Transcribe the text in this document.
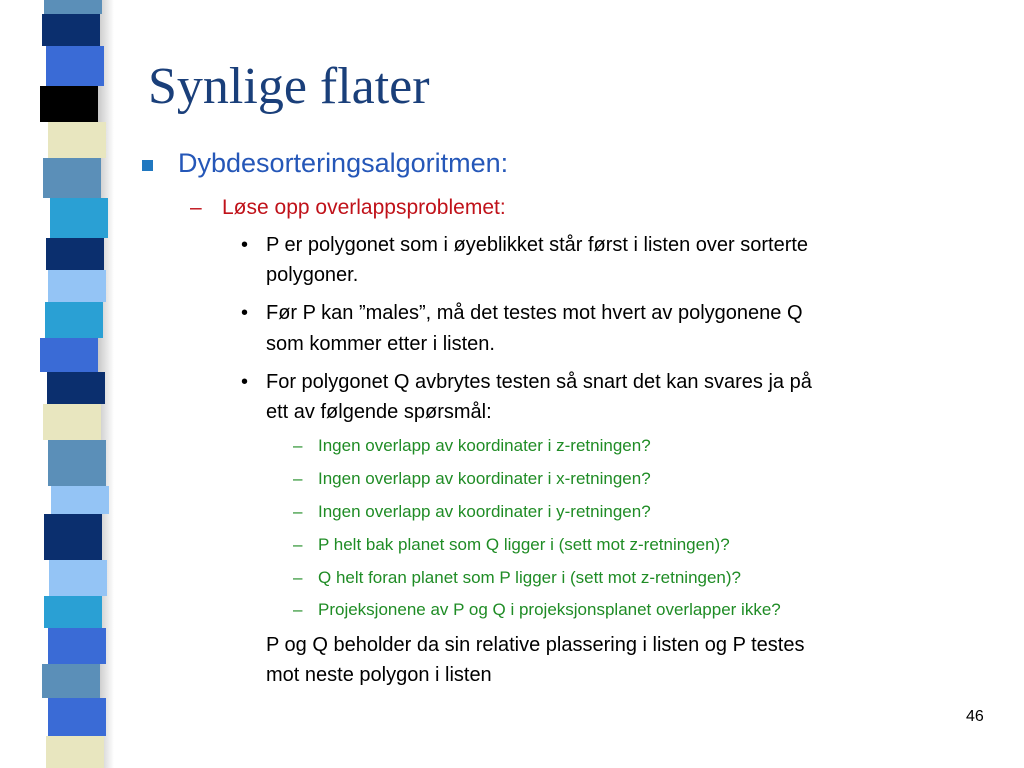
Synlige flater
Dybdesorteringsalgoritmen:
– Løse opp overlappsproblemet:
• P er polygonet som i øyeblikket står først i listen over sorterte
polygoner.
• Før P kan ”males”, må det testes mot hvert av polygonene Q
som kommer etter i listen.
• For polygonet Q avbrytes testen så snart det kan svares ja på
ett av følgende spørsmål:
– Ingen overlapp av koordinater i z-retningen?
– Ingen overlapp av koordinater i x-retningen?
– Ingen overlapp av koordinater i y-retningen?
– P helt bak planet som Q ligger i (sett mot z-retningen)?
– Q helt foran planet som P ligger i (sett mot z-retningen)?
– Projeksjonene av P og Q i projeksjonsplanet overlapper ikke?
P og Q beholder da sin relative plassering i listen og P testes
mot neste polygon i listen
46
